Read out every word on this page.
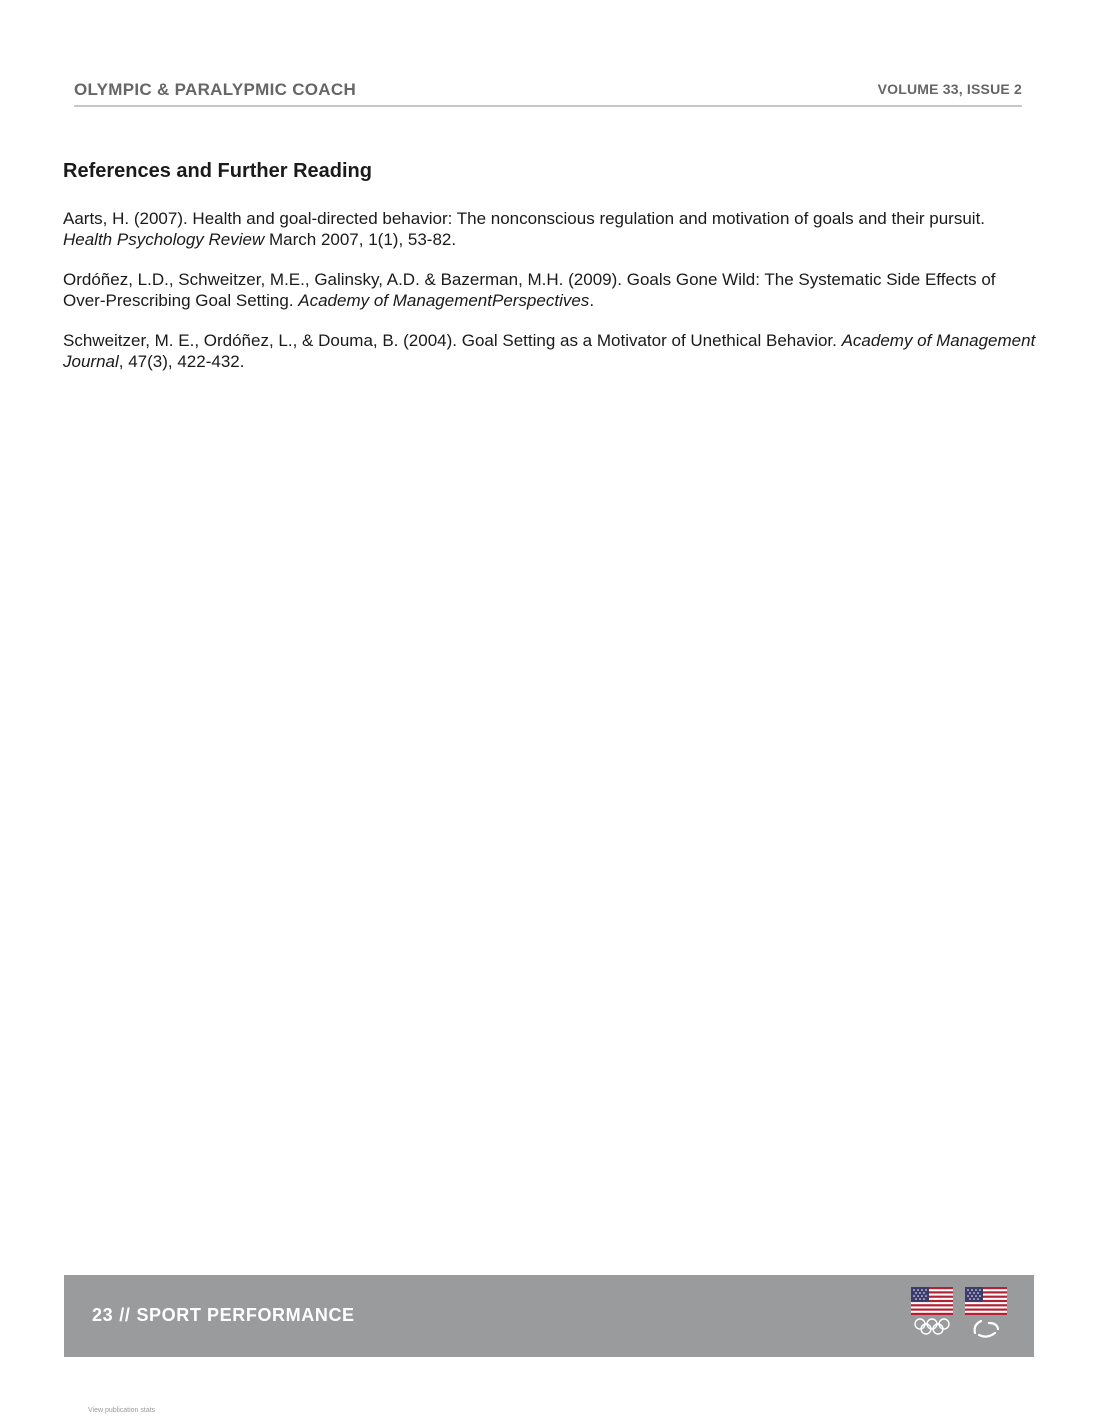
OLYMPIC & PARALYPMIC COACH	VOLUME 33, ISSUE 2
References and Further Reading

Aarts, H. (2007). Health and goal-directed behavior: The nonconscious regulation and motivation of goals and their pursuit. Health Psychology Review March 2007, 1(1), 53-82.

Ordóñez, L.D., Schweitzer, M.E., Galinsky, A.D. & Bazerman, M.H. (2009). Goals Gone Wild: The Systematic Side Effects of Over-Prescribing Goal Setting. Academy of ManagementPerspectives.

Schweitzer, M. E., Ordóñez, L., & Douma, B. (2004). Goal Setting as a Motivator of Unethical Behavior. Academy of Management Journal, 47(3), 422-432.

23 // SPORT PERFORMANCE
View publication stats
